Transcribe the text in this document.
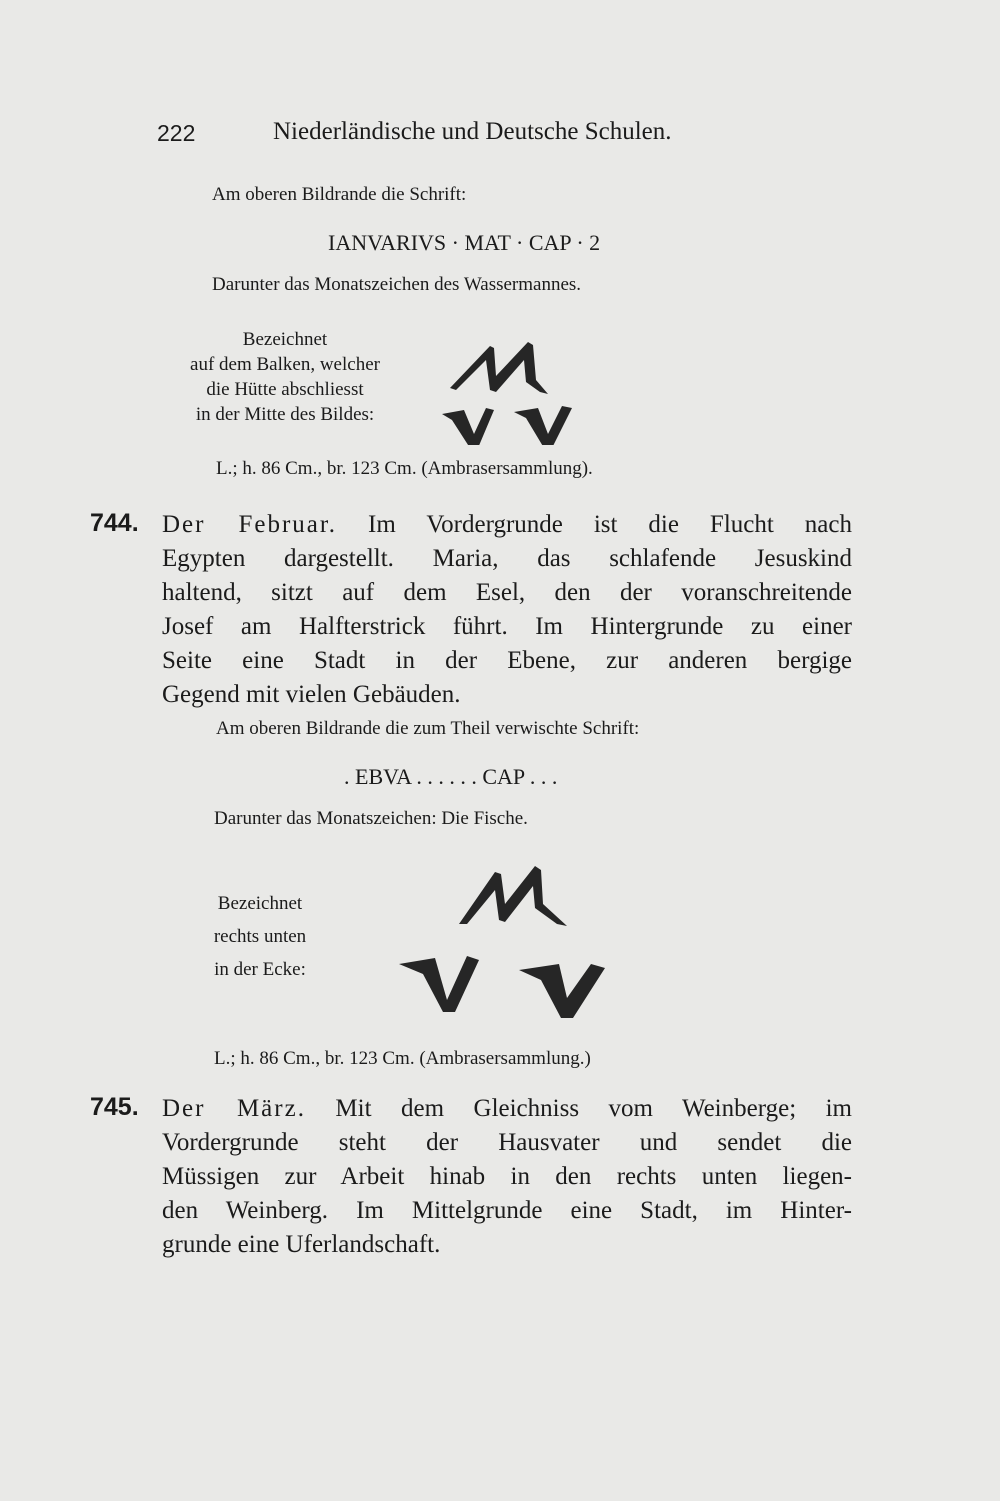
222	Niederländische und Deutsche Schulen.
Am oberen Bildrande die Schrift:
IANVARIVS · MAT · CAP · 2
Darunter das Monatszeichen des Wassermannes.
Bezeichnet
auf dem Balken, welcher
die Hütte abschliesst
in der Mitte des Bildes:
L.; h. 86 Cm., br. 123 Cm. (Ambrasersammlung).
744. Der Februar. Im Vordergrunde ist die Flucht nach
Egypten dargestellt. Maria, das schlafende Jesuskind
haltend, sitzt auf dem Esel, den der voranschreitende
Josef am Halfterstrick führt. Im Hintergrunde zu einer
Seite eine Stadt in der Ebene, zur anderen bergige
Gegend mit vielen Gebäuden.
Am oberen Bildrande die zum Theil verwischte Schrift:
. EBVA . . . . . . CAP . . .
Darunter das Monatszeichen: Die Fische.
Bezeichnet
rechts unten
in der Ecke:
L.; h. 86 Cm., br. 123 Cm. (Ambrasersammlung.)
745. Der März. Mit dem Gleichniss vom Weinberge; im
Vordergrunde steht der Hausvater und sendet die
Müssigen zur Arbeit hinab in den rechts unten liegen-
den Weinberg. Im Mittelgrunde eine Stadt, im Hinter-
grunde eine Uferlandschaft.
